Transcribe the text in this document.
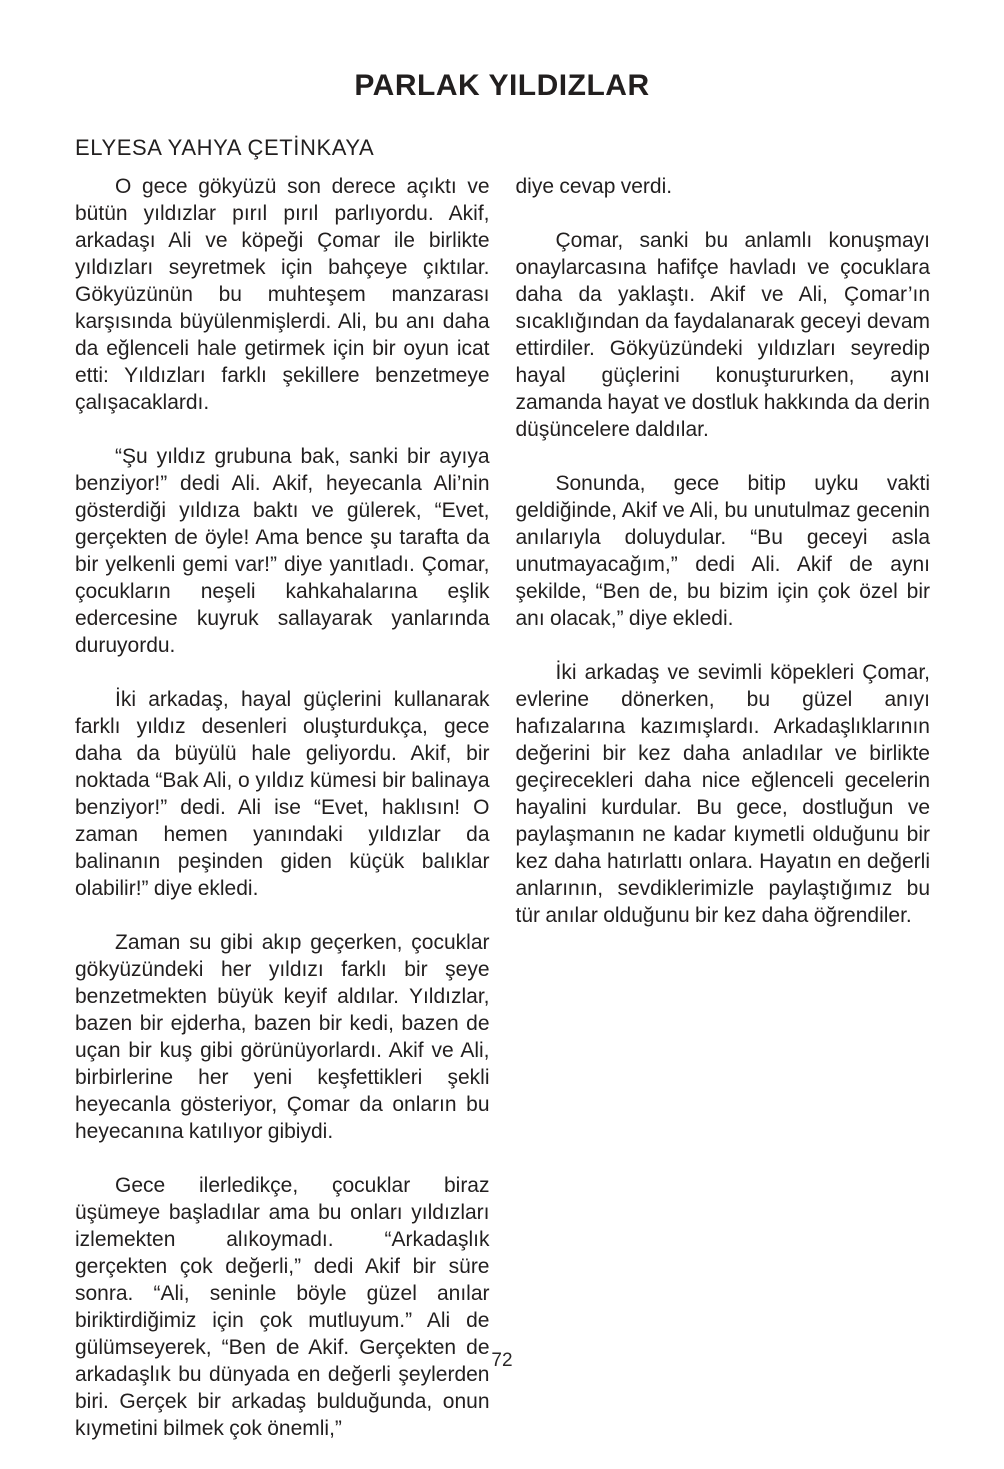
PARLAK YILDIZLAR
ELYESA YAHYA ÇETİNKAYA

O gece gökyüzü son derece açıktı ve bütün yıldızlar pırıl pırıl parlıyordu. Akif, arkadaşı Ali ve köpeği Çomar ile birlikte yıldızları seyretmek için bahçeye çıktılar. Gökyüzünün bu muhteşem manzarası karşısında büyülenmişlerdi. Ali, bu anı daha da eğlenceli hale getirmek için bir oyun icat etti: Yıldızları farklı şekillere benzetmeye çalışacaklardı.

“Şu yıldız grubuna bak, sanki bir ayıya benziyor!” dedi Ali. Akif, heyecanla Ali’nin gösterdiği yıldıza baktı ve gülerek, “Evet, gerçekten de öyle! Ama bence şu tarafta da bir yelkenli gemi var!” diye yanıtladı. Çomar, çocukların neşeli kahkahalarına eşlik edercesine kuyruk sallayarak yanlarında duruyordu.

İki arkadaş, hayal güçlerini kullanarak farklı yıldız desenleri oluşturdukça, gece daha da büyülü hale geliyordu. Akif, bir noktada “Bak Ali, o yıldız kümesi bir balinaya benziyor!” dedi. Ali ise “Evet, haklısın! O zaman hemen yanındaki yıldızlar da balinanın peşinden giden küçük balıklar olabilir!” diye ekledi.

Zaman su gibi akıp geçerken, çocuklar gökyüzündeki her yıldızı farklı bir şeye benzetmekten büyük keyif aldılar. Yıldızlar, bazen bir ejderha, bazen bir kedi, bazen de uçan bir kuş gibi görünüyorlardı. Akif ve Ali, birbirlerine her yeni keşfettikleri şekli heyecanla gösteriyor, Çomar da onların bu heyecanına katılıyor gibiydi.

Gece ilerledikçe, çocuklar biraz üşümeye başladılar ama bu onları yıldızları izlemekten alıkoymadı. “Arkadaşlık gerçekten çok değerli,” dedi Akif bir süre sonra. “Ali, seninle böyle güzel anılar biriktirdiğimiz için çok mutluyum.” Ali de gülümseyerek, “Ben de Akif. Gerçekten de arkadaşlık bu dünyada en değerli şeylerden biri. Gerçek bir arkadaş bulduğunda, onun kıymetini bilmek çok önemli,”

diye cevap verdi.

Çomar, sanki bu anlamlı konuşmayı onaylarcasına hafifçe havladı ve çocuklara daha da yaklaştı. Akif ve Ali, Çomar’ın sıcaklığından da faydalanarak geceyi devam ettirdiler. Gökyüzündeki yıldızları seyredip hayal güçlerini konuştururken, aynı zamanda hayat ve dostluk hakkında da derin düşüncelere daldılar.

Sonunda, gece bitip uyku vakti geldiğinde, Akif ve Ali, bu unutulmaz gecenin anılarıyla doluydular. “Bu geceyi asla unutmayacağım,” dedi Ali. Akif de aynı şekilde, “Ben de, bu bizim için çok özel bir anı olacak,” diye ekledi.

İki arkadaş ve sevimli köpekleri Çomar, evlerine dönerken, bu güzel anıyı hafızalarına kazımışlardı. Arkadaşlıklarının değerini bir kez daha anladılar ve birlikte geçirecekleri daha nice eğlenceli gecelerin hayalini kurdular. Bu gece, dostluğun ve paylaşmanın ne kadar kıymetli olduğunu bir kez daha hatırlattı onlara. Hayatın en değerli anlarının, sevdiklerimizle paylaştığımız bu tür anılar olduğunu bir kez daha öğrendiler.

72
